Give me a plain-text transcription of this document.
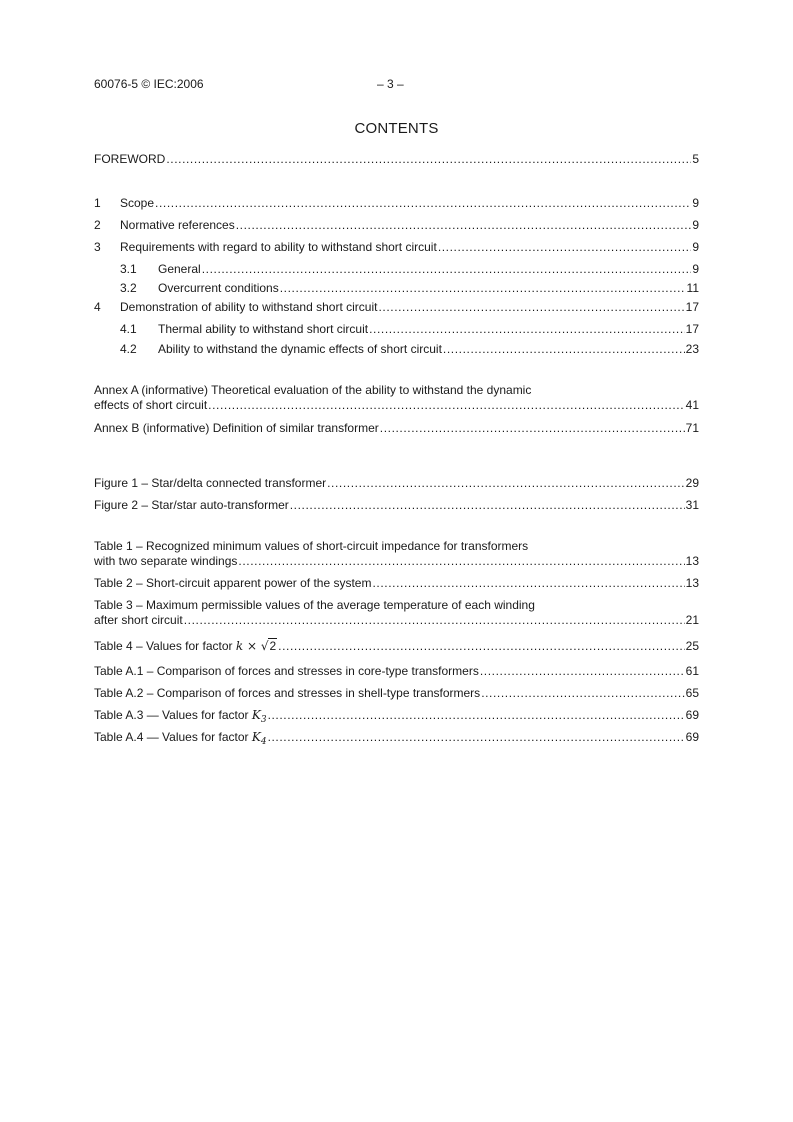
60076-5 © IEC:2006	– 3 –
CONTENTS
FOREWORD .....	5
1	Scope .....	9
2	Normative references .....	9
3	Requirements with regard to ability to withstand short circuit .....	9
3.1	General .....	9
3.2	Overcurrent conditions .....	11
4	Demonstration of ability to withstand short circuit .....	17
4.1	Thermal ability to withstand short circuit .....	17
4.2	Ability to withstand the dynamic effects of short circuit .....	23
Annex A (informative) Theoretical evaluation of the ability to withstand the dynamic
effects of short circuit .....	41
Annex B (informative) Definition of similar transformer .....	71
Figure 1 – Star/delta connected transformer .....	29
Figure 2 – Star/star auto-transformer .....	31
Table 1 – Recognized minimum values of short-circuit impedance for transformers
with two separate windings .....	13
Table 2 – Short-circuit apparent power of the system .....	13
Table 3 – Maximum permissible values of the average temperature of each winding
after short circuit .....	21
Table 4 – Values for factor k × √2 .....	25
Table A.1 – Comparison of forces and stresses in core-type transformers .....	61
Table A.2 – Comparison of forces and stresses in shell-type transformers .....	65
Table A.3 — Values for factor $K_3$ .....	69
Table A.4 — Values for factor $K_4$ .....	69
